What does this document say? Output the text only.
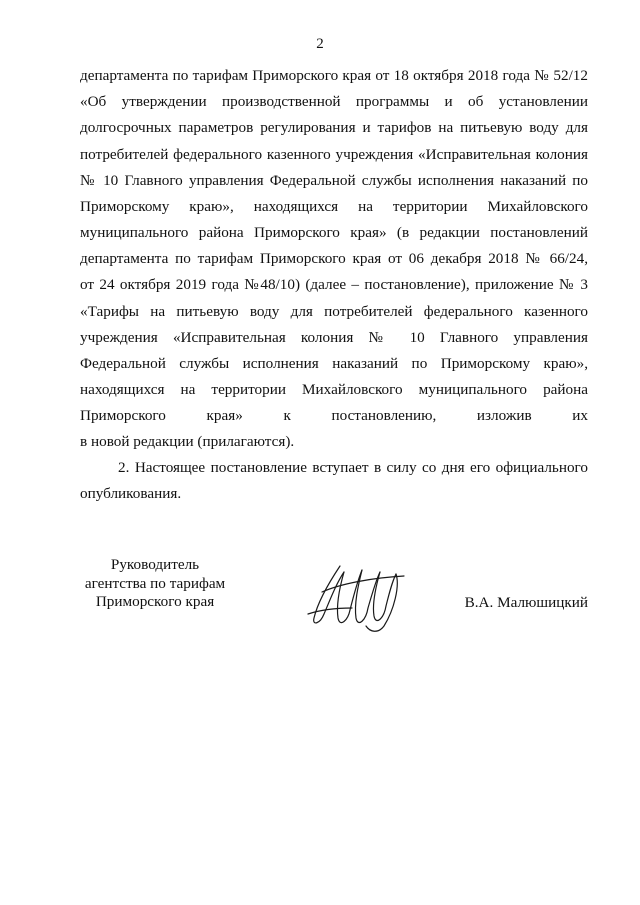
2
департамента по тарифам Приморского края от 18 октября 2018 года № 52/12
«Об утверждении производственной программы и об установлении
долгосрочных параметров регулирования и тарифов на питьевую воду для
потребителей федерального казенного учреждения «Исправительная колония
№ 10 Главного управления Федеральной службы исполнения наказаний по
Приморскому краю», находящихся на территории Михайловского
муниципального района Приморского края» (в редакции постановлений
департамента по тарифам Приморского края от 06 декабря 2018 № 66/24,
от 24 октября 2019 года №48/10) (далее – постановление), приложение № 3
«Тарифы на питьевую воду для потребителей федерального казенного
учреждения «Исправительная колония № 10 Главного управления
Федеральной службы исполнения наказаний по Приморскому краю»,
находящихся на территории Михайловского муниципального района
Приморского края» к постановлению, изложив их
в новой редакции (прилагаются).
2. Настоящее постановление вступает в силу со дня его официального
опубликования.
Руководитель
агентства по тарифам
Приморского края	В.А. Малюшицкий
